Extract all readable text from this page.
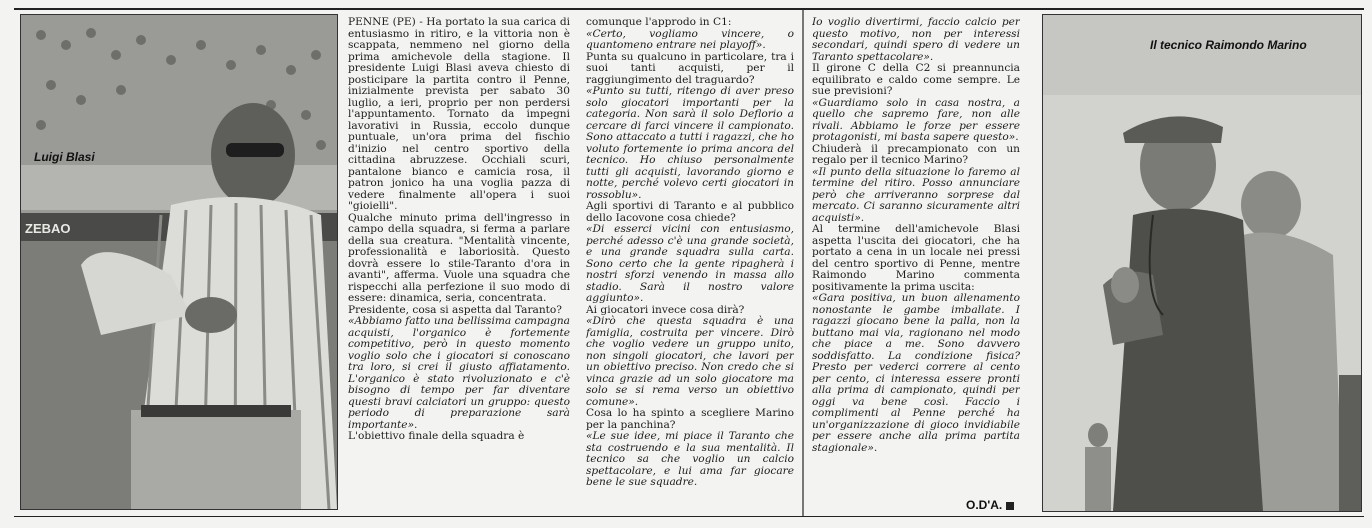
ZEBAO
Luigi Blasi

PENNE (PE) - Ha portato la sua carica di entusiasmo in ritiro, e la vittoria non è scappata, nemmeno nel giorno della prima amichevole della stagione. Il presidente Luigi Blasi aveva chiesto di posticipare la partita contro il Penne, inizialmente prevista per sabato 30 luglio, a ieri, proprio per non perdersi l'appuntamento. Tornato da impegni lavorativi in Russia, eccolo dunque puntuale, un'ora prima del fischio d'inizio nel centro sportivo della cittadina abruzzese. Occhiali scuri, pantalone bianco e camicia rosa, il patron jonico ha una voglia pazza di vedere finalmente all'opera i suoi "gioielli".

Qualche minuto prima dell'ingresso in campo della squadra, si ferma a parlare della sua creatura. "Mentalità vincente, professionalità e laboriosità. Questo dovrà essere lo stile-Taranto d'ora in avanti", afferma. Vuole una squadra che rispecchi alla perfezione il suo modo di essere: dinamica, seria, concentrata.

Presidente, cosa si aspetta dal Taranto?

«Abbiamo fatto una bellissima campagna acquisti, l'organico è fortemente competitivo, però in questo momento voglio solo che i giocatori si conoscano tra loro, si crei il giusto affiatamento. L'organico è stato rivoluzionato e c'è bisogno di tempo per far diventare questi bravi calciatori un gruppo: questo periodo di preparazione sarà importante».

L'obiettivo finale della squadra è

comunque l'approdo in C1:

«Certo, vogliamo vincere, o quantomeno entrare nei playoff».

Punta su qualcuno in particolare, tra i suoi tanti acquisti, per il raggiungimento del traguardo?

«Punto su tutti, ritengo di aver preso solo giocatori importanti per la categoria. Non sarà il solo Deflorio a cercare di farci vincere il campionato. Sono attaccato a tutti i ragazzi, che ho voluto fortemente io prima ancora del tecnico. Ho chiuso personalmente tutti gli acquisti, lavorando giorno e notte, perché volevo certi giocatori in rossoblu».

Agli sportivi di Taranto e al pubblico dello Iacovone cosa chiede?

«Di esserci vicini con entusiasmo, perché adesso c'è una grande società, e una grande squadra sulla carta. Sono certo che la gente ripagherà i nostri sforzi venendo in massa allo stadio. Sarà il nostro valore aggiunto».

Ai giocatori invece cosa dirà?

«Dirò che questa squadra è una famiglia, costruita per vincere. Dirò che voglio vedere un gruppo unito, non singoli giocatori, che lavori per un obiettivo preciso. Non credo che si vinca grazie ad un solo giocatore ma solo se si rema verso un obiettivo comune».

Cosa lo ha spinto a scegliere Marino per la panchina?

«Le sue idee, mi piace il Taranto che sta costruendo e la sua mentalità. Il tecnico sa che voglio un calcio spettacolare, e lui ama far giocare bene le sue squadre.

Io voglio divertirmi, faccio calcio per questo motivo, non per interessi secondari, quindi spero di vedere un Taranto spettacolare».

Il girone C della C2 si preannuncia equilibrato e caldo come sempre. Le sue previsioni?

«Guardiamo solo in casa nostra, a quello che sapremo fare, non alle rivali. Abbiamo le forze per essere protagonisti, mi basta sapere questo».

Chiuderà il precampionato con un regalo per il tecnico Marino?

«Il punto della situazione lo faremo al termine del ritiro. Posso annunciare però che arriveranno sorprese dal mercato. Ci saranno sicuramente altri acquisti».

Al termine dell'amichevole Blasi aspetta l'uscita dei giocatori, che ha portato a cena in un locale nei pressi del centro sportivo di Penne, mentre Raimondo Marino commenta positivamente la prima uscita:

«Gara positiva, un buon allenamento nonostante le gambe imballate. I ragazzi giocano bene la palla, non la buttano mai via, ragionano nel modo che piace a me. Sono davvero soddisfatto. La condizione fisica? Presto per vederci correre al cento per cento, ci interessa essere pronti alla prima di campionato, quindi per oggi va bene così. Faccio i complimenti al Penne perché ha un'organizzazione di gioco invidiabile per essere anche alla prima partita stagionale».

O.D'A.
Il tecnico Raimondo Marino
